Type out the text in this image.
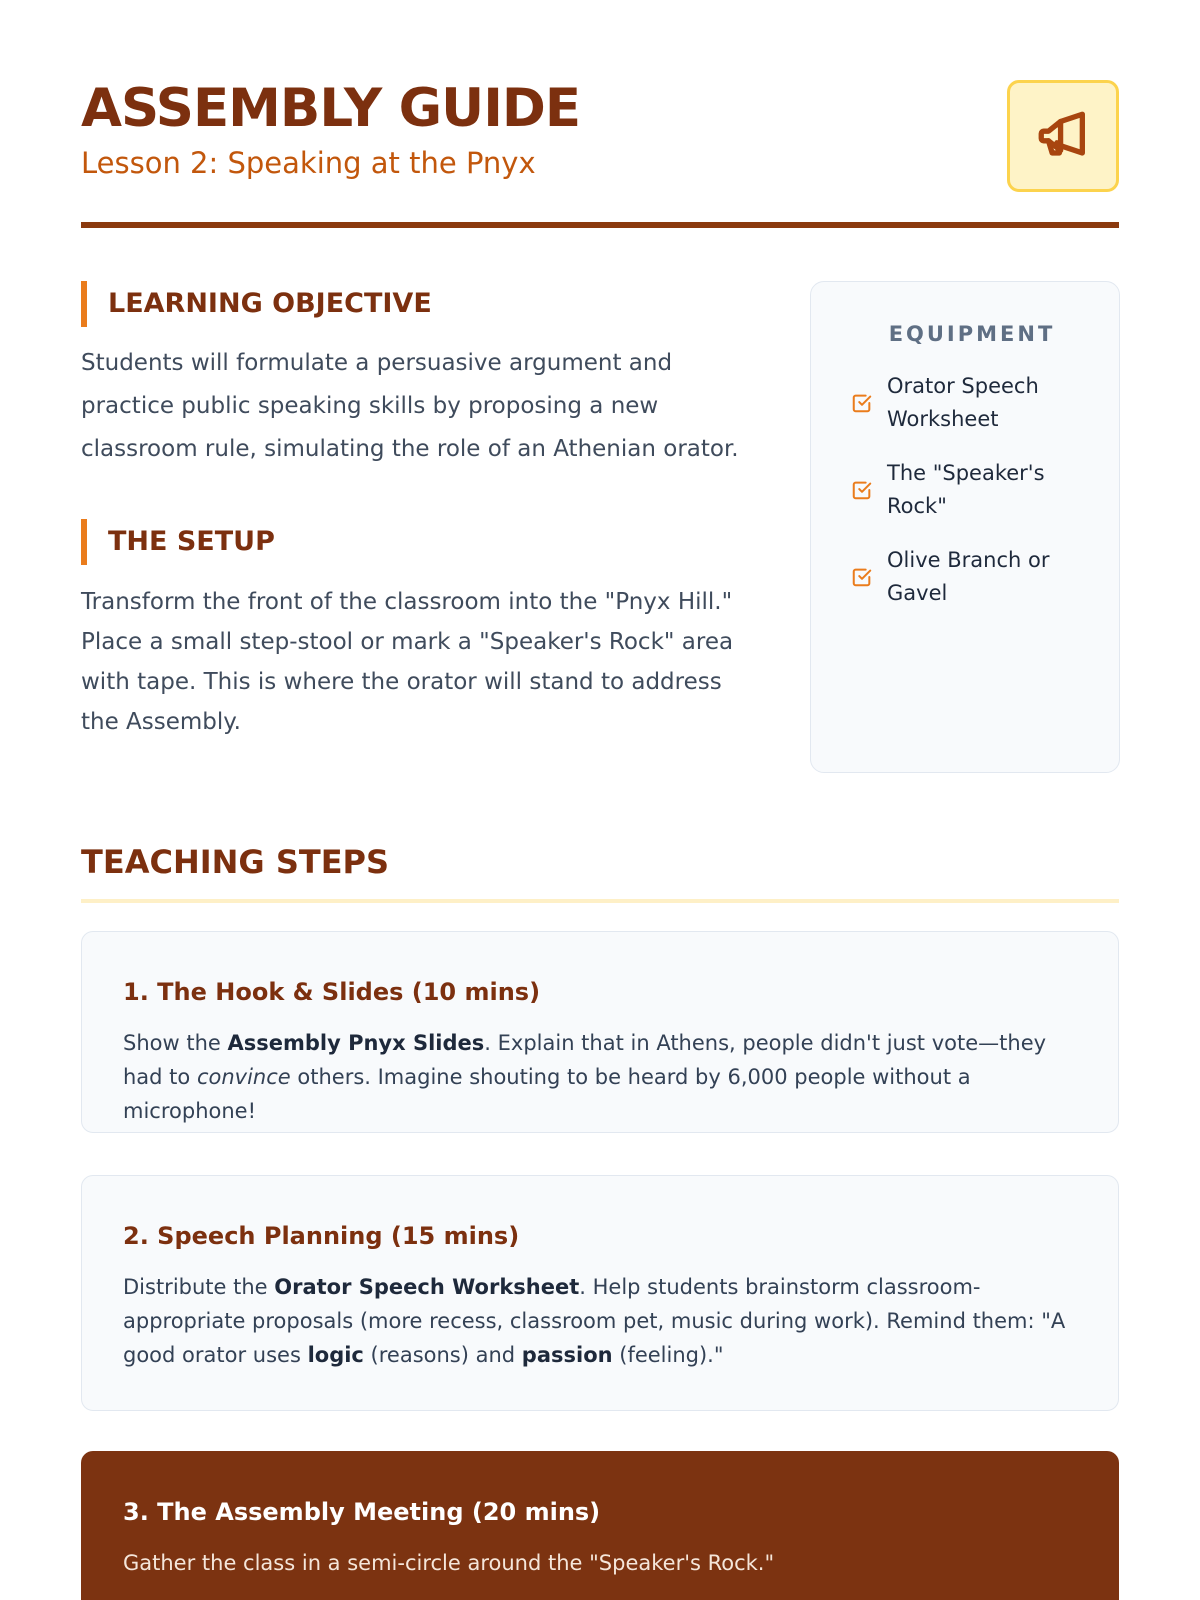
ASSEMBLY GUIDE
Lesson 2: Speaking at the Pnyx
LEARNING OBJECTIVE

Students will formulate a persuasive argument and practice public speaking skills by proposing a new classroom rule, simulating the role of an Athenian orator.

THE SETUP

Transform the front of the classroom into the "Pnyx Hill." Place a small step-stool or mark a "Speaker's Rock" area with tape. This is where the orator will stand to address the Assembly.

EQUIPMENT
Orator Speech Worksheet
The "Speaker's Rock"
Olive Branch or Gavel
TEACHING STEPS
1. The Hook & Slides (10 mins)

Show the Assembly Pnyx Slides. Explain that in Athens, people didn't just vote—they had to convince others. Imagine shouting to be heard by 6,000 people without a microphone!

2. Speech Planning (15 mins)

Distribute the Orator Speech Worksheet. Help students brainstorm classroom-appropriate proposals (more recess, classroom pet, music during work). Remind them: "A good orator uses logic (reasons) and passion (feeling)."

3. The Assembly Meeting (20 mins)

Gather the class in a semi-circle around the "Speaker's Rock."
